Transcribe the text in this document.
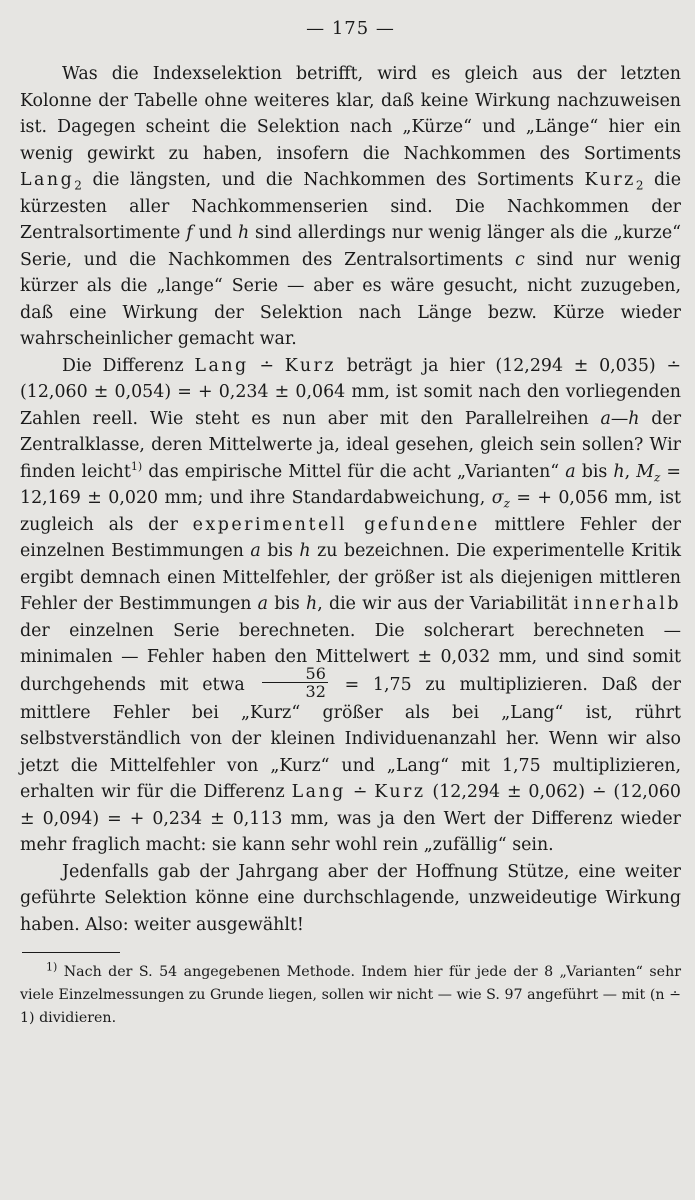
— 175 —

Was die Indexselektion betrifft, wird es gleich aus der letzten Kolonne der Tabelle ohne weiteres klar, daß keine Wirkung nachzuweisen ist. Dagegen scheint die Selektion nach „Kürze“ und „Länge“ hier ein wenig gewirkt zu haben, insofern die Nachkommen des Sortiments Lang$_2$ die längsten, und die Nachkommen des Sortiments Kurz$_2$ die kürzesten aller Nachkommenserien sind. Die Nachkommen der Zentralsortimente f und h sind allerdings nur wenig länger als die „kurze“ Serie, und die Nachkommen des Zentralsortiments c sind nur wenig kürzer als die „lange“ Serie — aber es wäre gesucht, nicht zuzugeben, daß eine Wirkung der Selektion nach Länge bezw. Kürze wieder wahrscheinlicher gemacht war.

Die Differenz Lang ∸ Kurz beträgt ja hier (12,294 ± 0,035) ∸ (12,060 ± 0,054) = + 0,234 ± 0,064 mm, ist somit nach den vorliegenden Zahlen reell. Wie steht es nun aber mit den Parallelreihen a—h der Zentralklasse, deren Mittelwerte ja, ideal gesehen, gleich sein sollen? Wir finden leicht$^{1)}$ das empirische Mittel für die acht „Varianten“ a bis h, $M_z = 12,169 \pm 0,020$ mm; und ihre Standardabweichung, $\sigma_z$ = + 0,056 mm, ist zugleich als der experimentell gefundene mittlere Fehler der einzelnen Bestimmungen a bis h zu bezeichnen. Die experimentelle Kritik ergibt demnach einen Mittelfehler, der größer ist als diejenigen mittleren Fehler der Bestimmungen a bis h, die wir aus der Variabilität innerhalb der einzelnen Serie berechneten. Die solcherart berechneten — minimalen — Fehler haben den Mittelwert ± 0,032 mm, und sind somit durchgehends mit etwa $\frac{56}{32} = 1,75$ zu multiplizieren. Daß der mittlere Fehler bei „Kurz“ größer als bei „Lang“ ist, rührt selbstverständlich von der kleinen Individuenanzahl her. Wenn wir also jetzt die Mittelfehler von „Kurz“ und „Lang“ mit 1,75 multiplizieren, erhalten wir für die Differenz Lang ∸ Kurz (12,294 ± 0,062) ∸ (12,060 ± 0,094) = + 0,234 ± 0,113 mm, was ja den Wert der Differenz wieder mehr fraglich macht: sie kann sehr wohl rein „zufällig“ sein.

Jedenfalls gab der Jahrgang aber der Hoffnung Stütze, eine weiter geführte Selektion könne eine durchschlagende, unzweideutige Wirkung haben. Also: weiter ausgewählt!

$^{1)}$ Nach der S. 54 angegebenen Methode. Indem hier für jede der 8 „Varianten“ sehr viele Einzelmessungen zu Grunde liegen, sollen wir nicht — wie S. 97 angeführt — mit (n ∸ 1) dividieren.
